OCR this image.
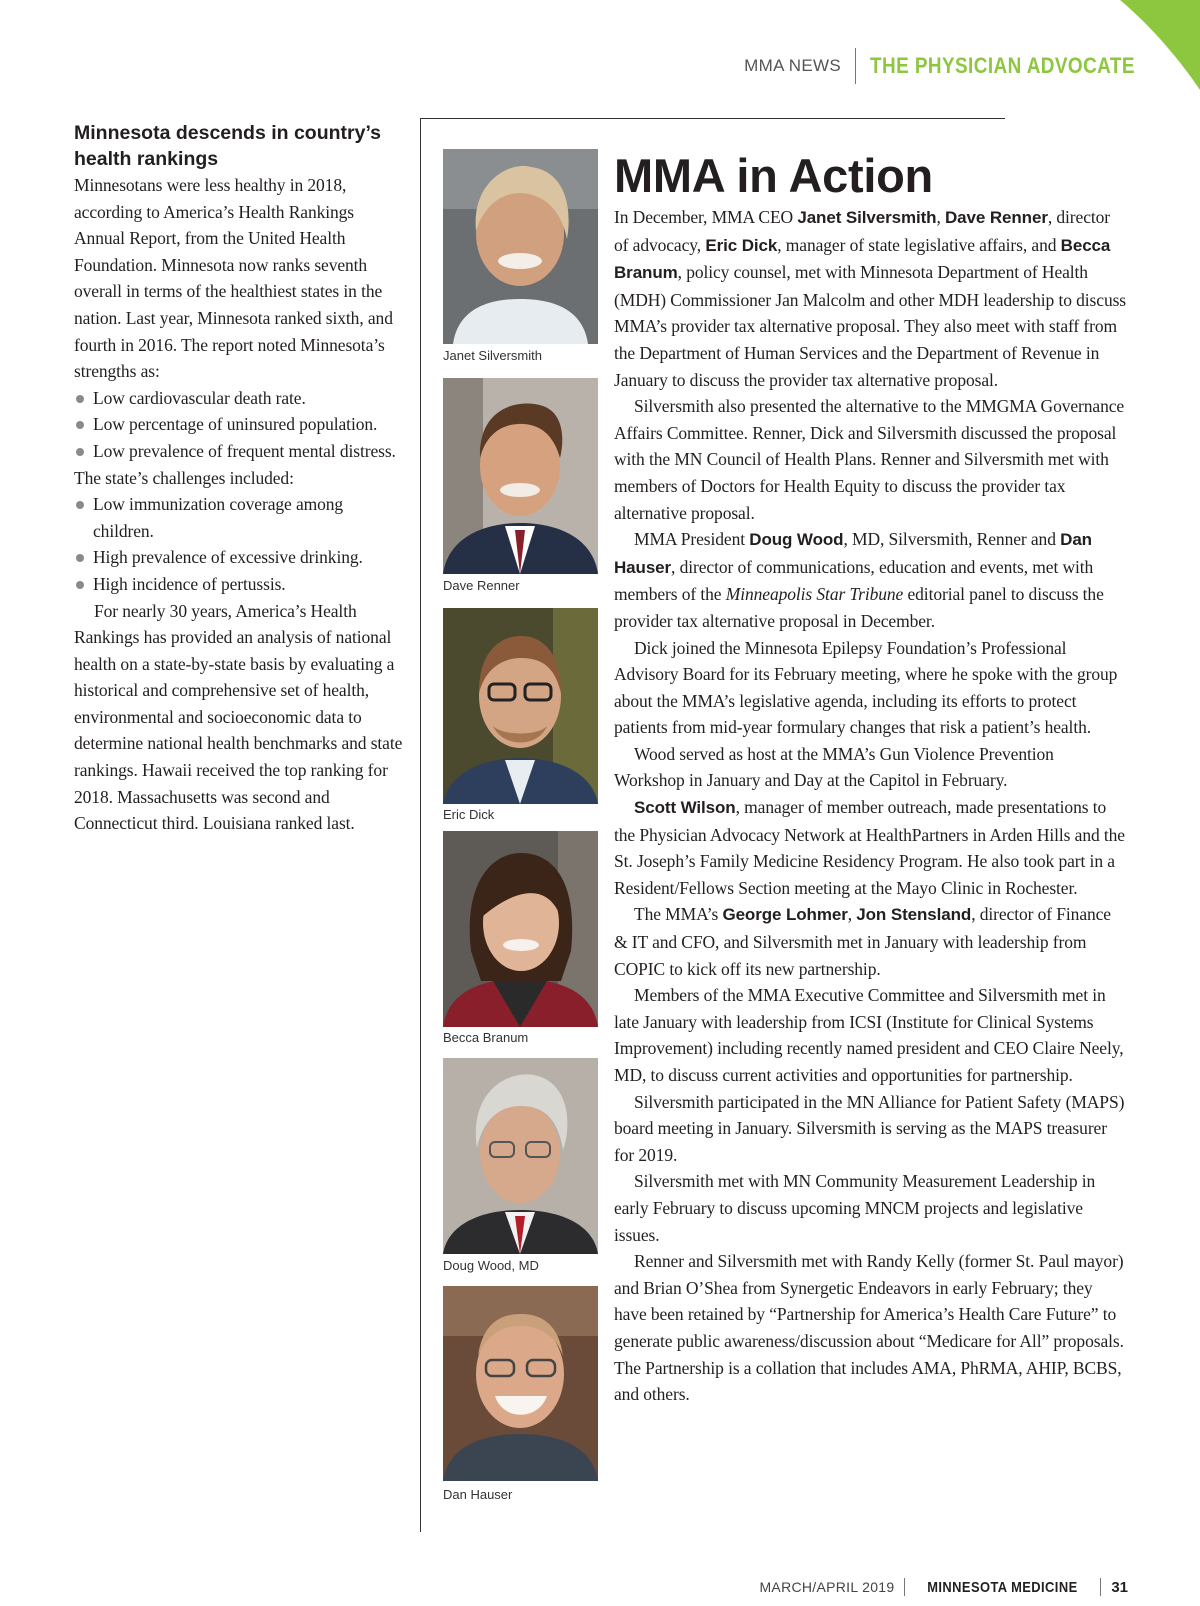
MMA NEWS THE PHYSICIAN ADVOCATE
Minnesota descends in country’s health rankings

Minnesotans were less healthy in 2018, according to America’s Health Rankings Annual Report, from the United Health Foundation. Minnesota now ranks seventh overall in terms of the healthiest states in the nation. Last year, Minnesota ranked sixth, and fourth in 2016. The report noted Minnesota’s strengths as:

Low cardiovascular death rate.
Low percentage of uninsured population.
Low prevalence of frequent mental distress.

The state’s challenges included:

Low immunization coverage among children.
High prevalence of excessive drinking.
High incidence of pertussis.

For nearly 30 years, America’s Health Rankings has provided an analysis of national health on a state-by-state basis by evaluating a historical and comprehensive set of health, environmental and socioeconomic data to determine national health benchmarks and state rankings. Hawaii received the top ranking for 2018. Massachusetts was second and Connecticut third. Louisiana ranked last.

Janet Silversmith
Dave Renner
Eric Dick
Becca Branum
Doug Wood, MD
Dan Hauser
MMA in Action

In December, MMA CEO Janet Silversmith, Dave Renner, director of advocacy, Eric Dick, manager of state legislative affairs, and Becca Branum, policy counsel, met with Minnesota Department of Health (MDH) Commissioner Jan Malcolm and other MDH leadership to discuss MMA’s provider tax alternative proposal. They also meet with staff from the Department of Human Services and the Department of Revenue in January to discuss the provider tax alternative proposal.

Silversmith also presented the alternative to the MMGMA Governance Affairs Committee. Renner, Dick and Silversmith discussed the proposal with the MN Council of Health Plans. Renner and Silversmith met with members of Doctors for Health Equity to discuss the provider tax alternative proposal.

MMA President Doug Wood, MD, Silversmith, Renner and Dan Hauser, director of communications, education and events, met with members of the Minneapolis Star Tribune editorial panel to discuss the provider tax alternative proposal in December.

Dick joined the Minnesota Epilepsy Foundation’s Professional Advisory Board for its February meeting, where he spoke with the group about the MMA’s legislative agenda, including its efforts to protect patients from mid-year formulary changes that risk a patient’s health.

Wood served as host at the MMA’s Gun Violence Prevention Workshop in January and Day at the Capitol in February.

Scott Wilson, manager of member outreach, made presentations to the Physician Advocacy Network at HealthPartners in Arden Hills and the St. Joseph’s Family Medicine Residency Program. He also took part in a Resident/Fellows Section meeting at the Mayo Clinic in Rochester.

The MMA’s George Lohmer, Jon Stensland, director of Finance & IT and CFO, and Silversmith met in January with leadership from COPIC to kick off its new partnership.

Members of the MMA Executive Committee and Silversmith met in late January with leadership from ICSI (Institute for Clinical Systems Improvement) including recently named president and CEO Claire Neely, MD, to discuss current activities and opportunities for partnership.

Silversmith participated in the MN Alliance for Patient Safety (MAPS) board meeting in January. Silversmith is serving as the MAPS treasurer for 2019.

Silversmith met with MN Community Measurement Leadership in early February to discuss upcoming MNCM projects and legislative issues.

Renner and Silversmith met with Randy Kelly (former St. Paul mayor) and Brian O’Shea from Synergetic Endeavors in early February; they have been retained by “Partnership for America’s Health Care Future” to generate public awareness/discussion about “Medicare for All” proposals. The Partnership is a collation that includes AMA, PhRMA, AHIP, BCBS, and others.

MARCH/APRIL 2019 MINNESOTA MEDICINE 31
